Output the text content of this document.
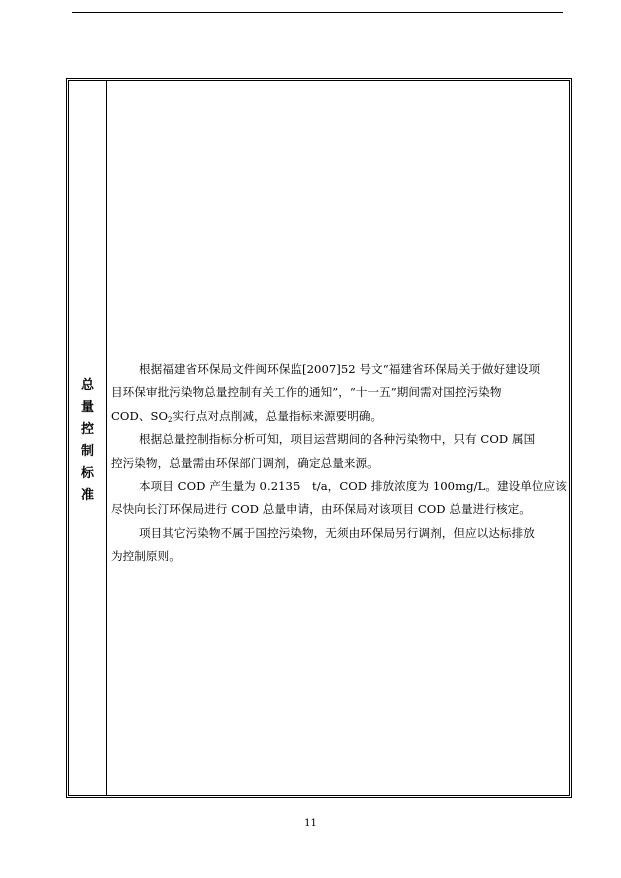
总
量
控
制
标
准
根据福建省环保局文件闽环保监[2007]52 号文“福建省环保局关于做好建设项
目环保审批污染物总量控制有关工作的通知”，“十一五”期间需对国控污染物
COD、$SO_2$实行点对点削减，总量指标来源要明确。
根据总量控制指标分析可知，项目运营期间的各种污染物中，只有 COD 属国
控污染物，总量需由环保部门调剂，确定总量来源。
本项目 COD 产生量为 0.2135　t/a，COD 排放浓度为 100mg/L。建设单位应该
尽快向长汀环保局进行 COD 总量申请，由环保局对该项目 COD 总量进行核定。
项目其它污染物不属于国控污染物，无须由环保局另行调剂，但应以达标排放
为控制原则。
11
